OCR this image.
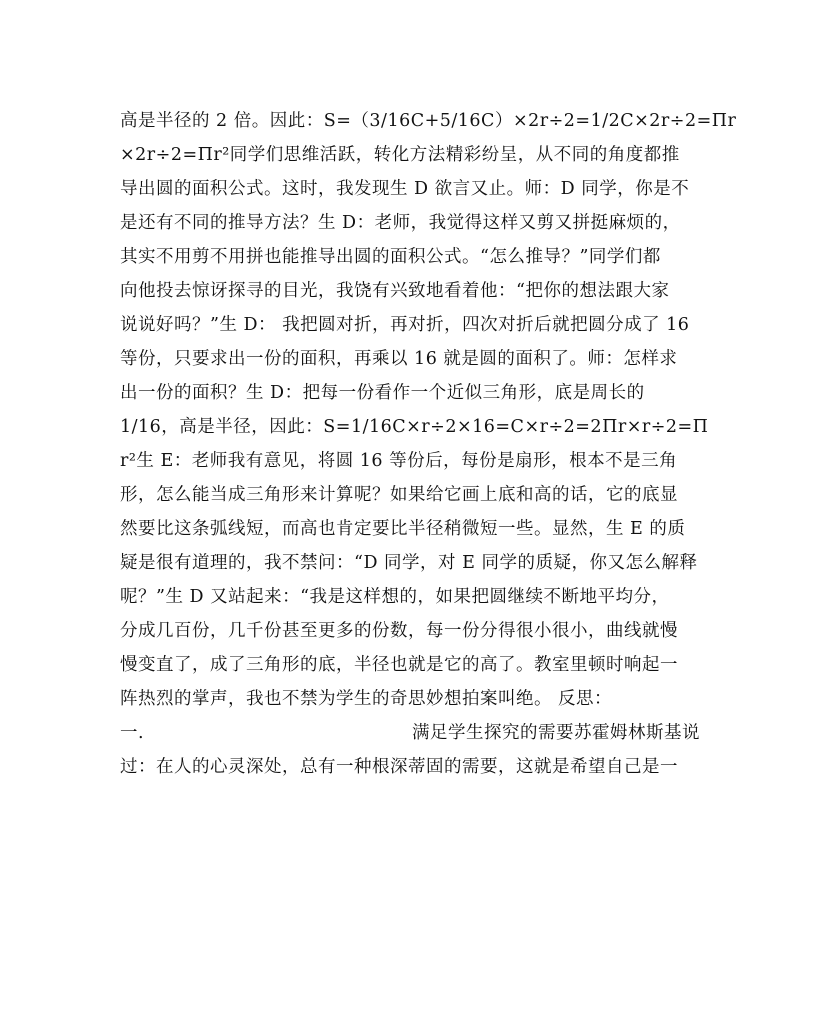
高是半径的 2 倍。因此：S=（3/16C+5/16C）×2r÷2=1/2C×2r÷2=Πr
×2r÷2=Πr²同学们思维活跃，转化方法精彩纷呈，从不同的角度都推
导出圆的面积公式。这时，我发现生 D 欲言又止。师：D 同学，你是不
是还有不同的推导方法？生 D：老师，我觉得这样又剪又拼挺麻烦的，
其实不用剪不用拼也能推导出圆的面积公式。“怎么推导？”同学们都
向他投去惊讶探寻的目光，我饶有兴致地看着他：“把你的想法跟大家
说说好吗？”生 D： 我把圆对折，再对折，四次对折后就把圆分成了 16
等份，只要求出一份的面积，再乘以 16 就是圆的面积了。师：怎样求
出一份的面积？生 D：把每一份看作一个近似三角形，底是周长的
1/16，高是半径，因此：S=1/16C×r÷2×16=C×r÷2=2Πr×r÷2=Π
r²生 E：老师我有意见，将圆 16 等份后，每份是扇形，根本不是三角
形，怎么能当成三角形来计算呢？如果给它画上底和高的话，它的底显
然要比这条弧线短，而高也肯定要比半径稍微短一些。显然，生 E 的质
疑是很有道理的，我不禁问：“D 同学，对 E 同学的质疑，你又怎么解释
呢？”生 D 又站起来：“我是这样想的，如果把圆继续不断地平均分，
分成几百份，几千份甚至更多的份数，每一份分得很小很小，曲线就慢
慢变直了，成了三角形的底，半径也就是它的高了。教室里顿时响起一
阵热烈的掌声，我也不禁为学生的奇思妙想拍案叫绝。 反思：
一.	满足学生探究的需要苏霍姆林斯基说
过：在人的心灵深处，总有一种根深蒂固的需要，这就是希望自己是一
